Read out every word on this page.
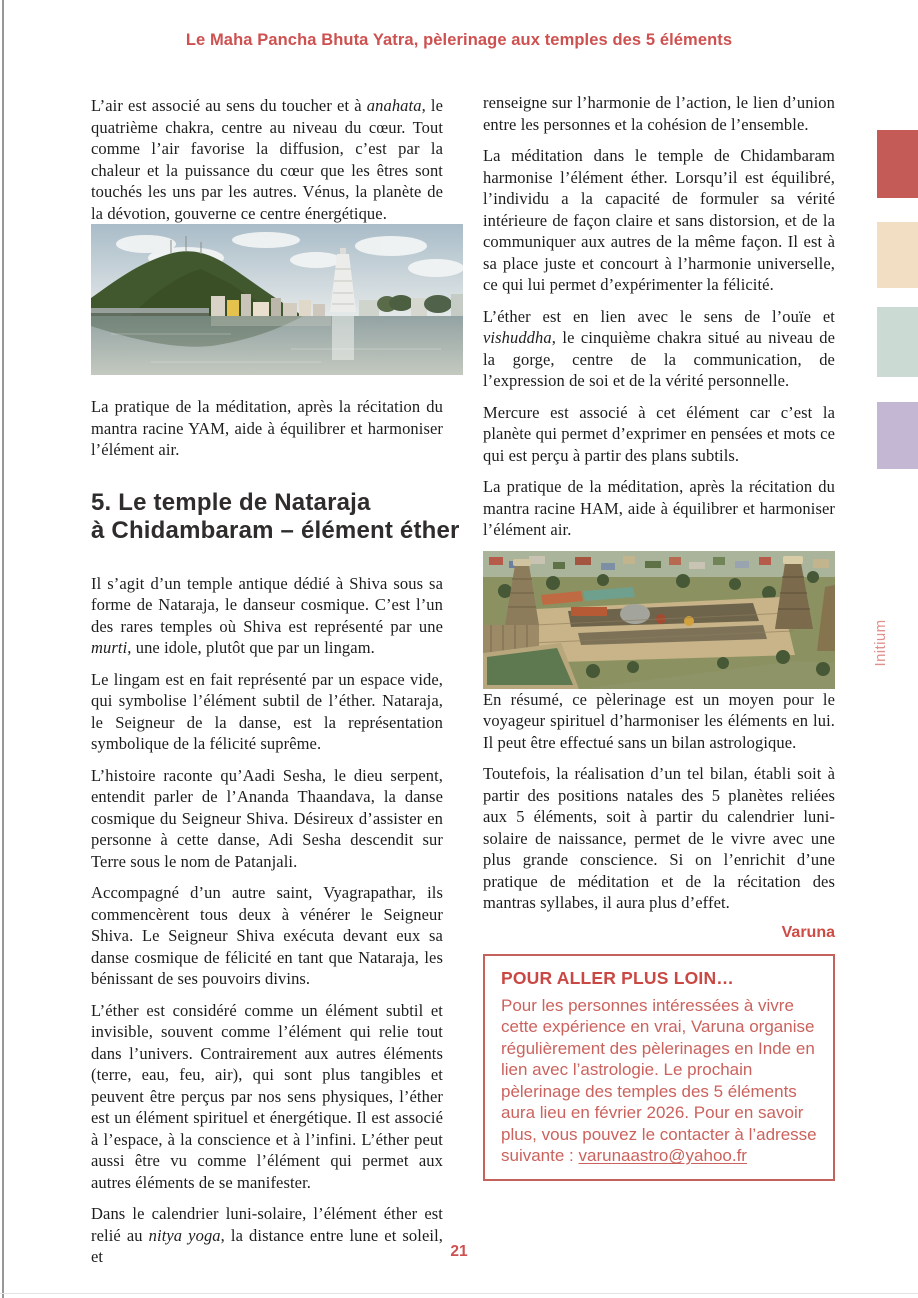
Le Maha Pancha Bhuta Yatra, pèlerinage aux temples des 5 éléments

L’air est associé au sens du toucher et à anahata, le quatrième chakra, centre au niveau du cœur. Tout comme l’air favorise la diffusion, c’est par la chaleur et la puissance du cœur que les êtres sont touchés les uns par les autres. Vénus, la planète de la dévotion, gouverne ce centre énergétique.

La pratique de la méditation, après la récitation du mantra racine YAM, aide à équilibrer et harmoniser l’élément air.

5. Le temple de Nataraja
à Chidambaram – élément éther

Il s’agit d’un temple antique dédié à Shiva sous sa forme de Nataraja, le danseur cosmique. C’est l’un des rares temples où Shiva est représenté par une murti, une idole, plutôt que par un lingam.

Le lingam est en fait représenté par un espace vide, qui symbolise l’élément subtil de l’éther. Nataraja, le Seigneur de la danse, est la représentation symbolique de la félicité suprême.

L’histoire raconte qu’Aadi Sesha, le dieu serpent, entendit parler de l’Ananda Thaandava, la danse cosmique du Seigneur Shiva. Désireux d’assister en personne à cette danse, Adi Sesha descendit sur Terre sous le nom de Patanjali.

Accompagné d’un autre saint, Vyagrapathar, ils commencèrent tous deux à vénérer le Seigneur Shiva. Le Seigneur Shiva exécuta devant eux sa danse cosmique de félicité en tant que Nataraja, les bénissant de ses pouvoirs divins.

L’éther est considéré comme un élément subtil et invisible, souvent comme l’élément qui relie tout dans l’univers. Contrairement aux autres éléments (terre, eau, feu, air), qui sont plus tangibles et peuvent être perçus par nos sens physiques, l’éther est un élément spirituel et énergétique. Il est associé à l’espace, à la conscience et à l’infini. L’éther peut aussi être vu comme l’élément qui permet aux autres éléments de se manifester.

Dans le calendrier luni-solaire, l’élément éther est relié au nitya yoga, la distance entre lune et soleil, et

renseigne sur l’harmonie de l’action, le lien d’union entre les personnes et la cohésion de l’ensemble.

La méditation dans le temple de Chidambaram harmonise l’élément éther. Lorsqu’il est équilibré, l’individu a la capacité de formuler sa vérité intérieure de façon claire et sans distorsion, et de la communiquer aux autres de la même façon. Il est à sa place juste et concourt à l’harmonie universelle, ce qui lui permet d’expérimenter la félicité.

L’éther est en lien avec le sens de l’ouïe et vishuddha, le cinquième chakra situé au niveau de la gorge, centre de la communication, de l’expression de soi et de la vérité personnelle.

Mercure est associé à cet élément car c’est la planète qui permet d’exprimer en pensées et mots ce qui est perçu à partir des plans subtils.

La pratique de la méditation, après la récitation du mantra racine HAM, aide à équilibrer et harmoniser l’élément air.

En résumé, ce pèlerinage est un moyen pour le voyageur spirituel d’harmoniser les éléments en lui. Il peut être effectué sans un bilan astrologique.

Toutefois, la réalisation d’un tel bilan, établi soit à partir des positions natales des 5 planètes reliées aux 5 éléments, soit à partir du calendrier luni-solaire de naissance, permet de le vivre avec une plus grande conscience. Si on l’enrichit d’une pratique de méditation et de la récitation des mantras syllabes, il aura plus d’effet.

Varuna

POUR ALLER PLUS LOIN…

Pour les personnes intéressées à vivre cette expérience en vrai, Varuna organise régulièrement des pèlerinages en Inde en lien avec l’astrologie. Le prochain pèlerinage des temples des 5 éléments aura lieu en février 2026. Pour en savoir plus, vous pouvez le contacter à l’adresse suivante : varunaastro@yahoo.fr

Initium
21
